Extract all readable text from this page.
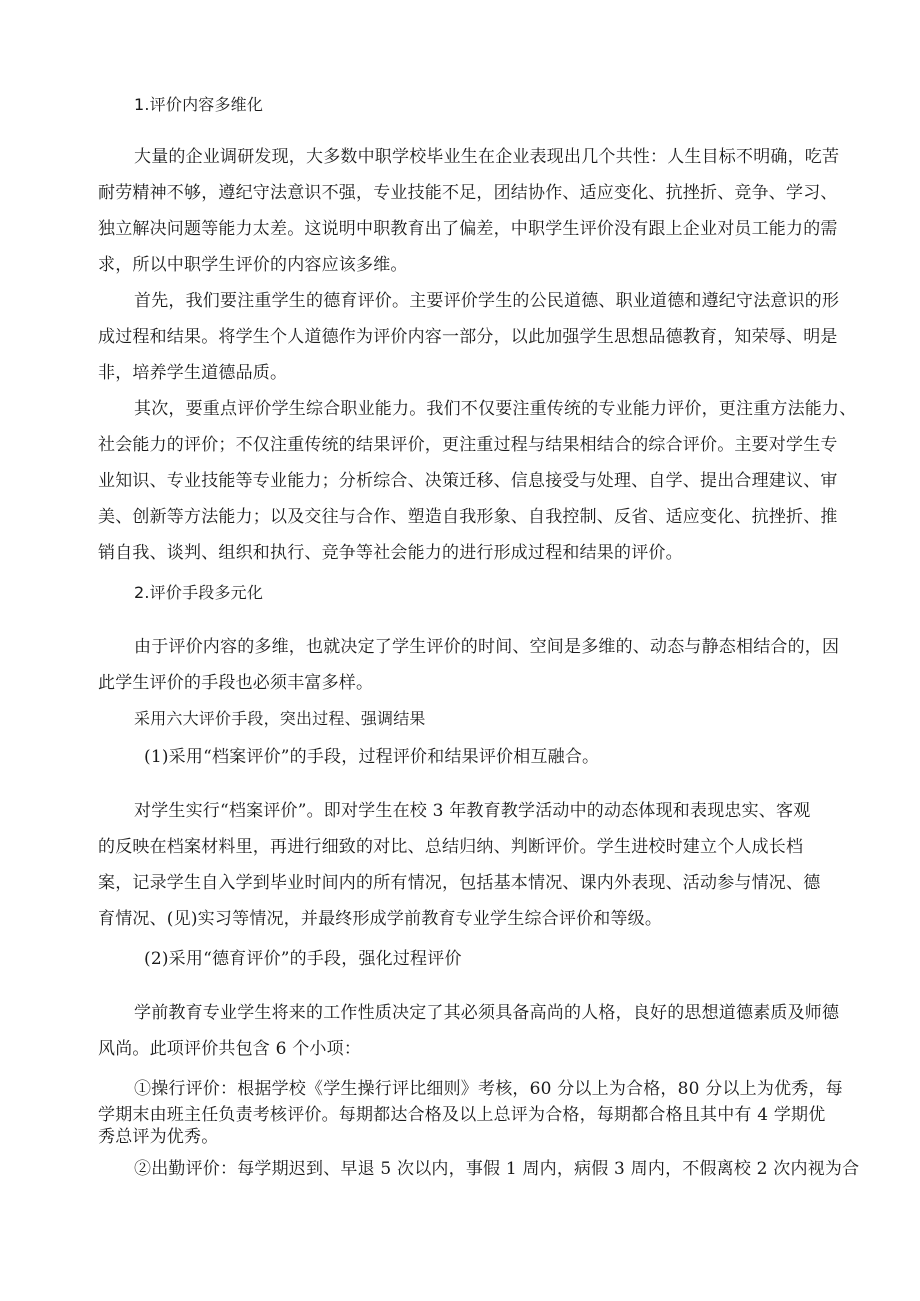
1.评价内容多维化
大量的企业调研发现，大多数中职学校毕业生在企业表现出几个共性：人生目标不明确，吃苦
耐劳精神不够，遵纪守法意识不强，专业技能不足，团结协作、适应变化、抗挫折、竞争、学习、
独立解决问题等能力太差。这说明中职教育出了偏差，中职学生评价没有跟上企业对员工能力的需
求，所以中职学生评价的内容应该多维。
首先，我们要注重学生的德育评价。主要评价学生的公民道德、职业道德和遵纪守法意识的形
成过程和结果。将学生个人道德作为评价内容一部分，以此加强学生思想品德教育，知荣辱、明是
非，培养学生道德品质。
其次，要重点评价学生综合职业能力。我们不仅要注重传统的专业能力评价，更注重方法能力、
社会能力的评价；不仅注重传统的结果评价，更注重过程与结果相结合的综合评价。主要对学生专
业知识、专业技能等专业能力；分析综合、决策迁移、信息接受与处理、自学、提出合理建议、审
美、创新等方法能力；以及交往与合作、塑造自我形象、自我控制、反省、适应变化、抗挫折、推
销自我、谈判、组织和执行、竞争等社会能力的进行形成过程和结果的评价。
2.评价手段多元化
由于评价内容的多维，也就决定了学生评价的时间、空间是多维的、动态与静态相结合的，因
此学生评价的手段也必须丰富多样。
采用六大评价手段，突出过程、强调结果
(1)采用“档案评价”的手段，过程评价和结果评价相互融合。
对学生实行“档案评价”。即对学生在校 3 年教育教学活动中的动态体现和表现忠实、客观
的反映在档案材料里，再进行细致的对比、总结归纳、判断评价。学生进校时建立个人成长档
案，记录学生自入学到毕业时间内的所有情况，包括基本情况、课内外表现、活动参与情况、德
育情况、(见)实习等情况，并最终形成学前教育专业学生综合评价和等级。
(2)采用“德育评价”的手段，强化过程评价
学前教育专业学生将来的工作性质决定了其必须具备高尚的人格，良好的思想道德素质及师德
风尚。此项评价共包含 6 个小项：
①操行评价：根据学校《学生操行评比细则》考核，60 分以上为合格，80 分以上为优秀，每
学期末由班主任负责考核评价。每期都达合格及以上总评为合格，每期都合格且其中有 4 学期优
秀总评为优秀。
②出勤评价：每学期迟到、早退 5 次以内，事假 1 周内，病假 3 周内，不假离校 2 次内视为合
